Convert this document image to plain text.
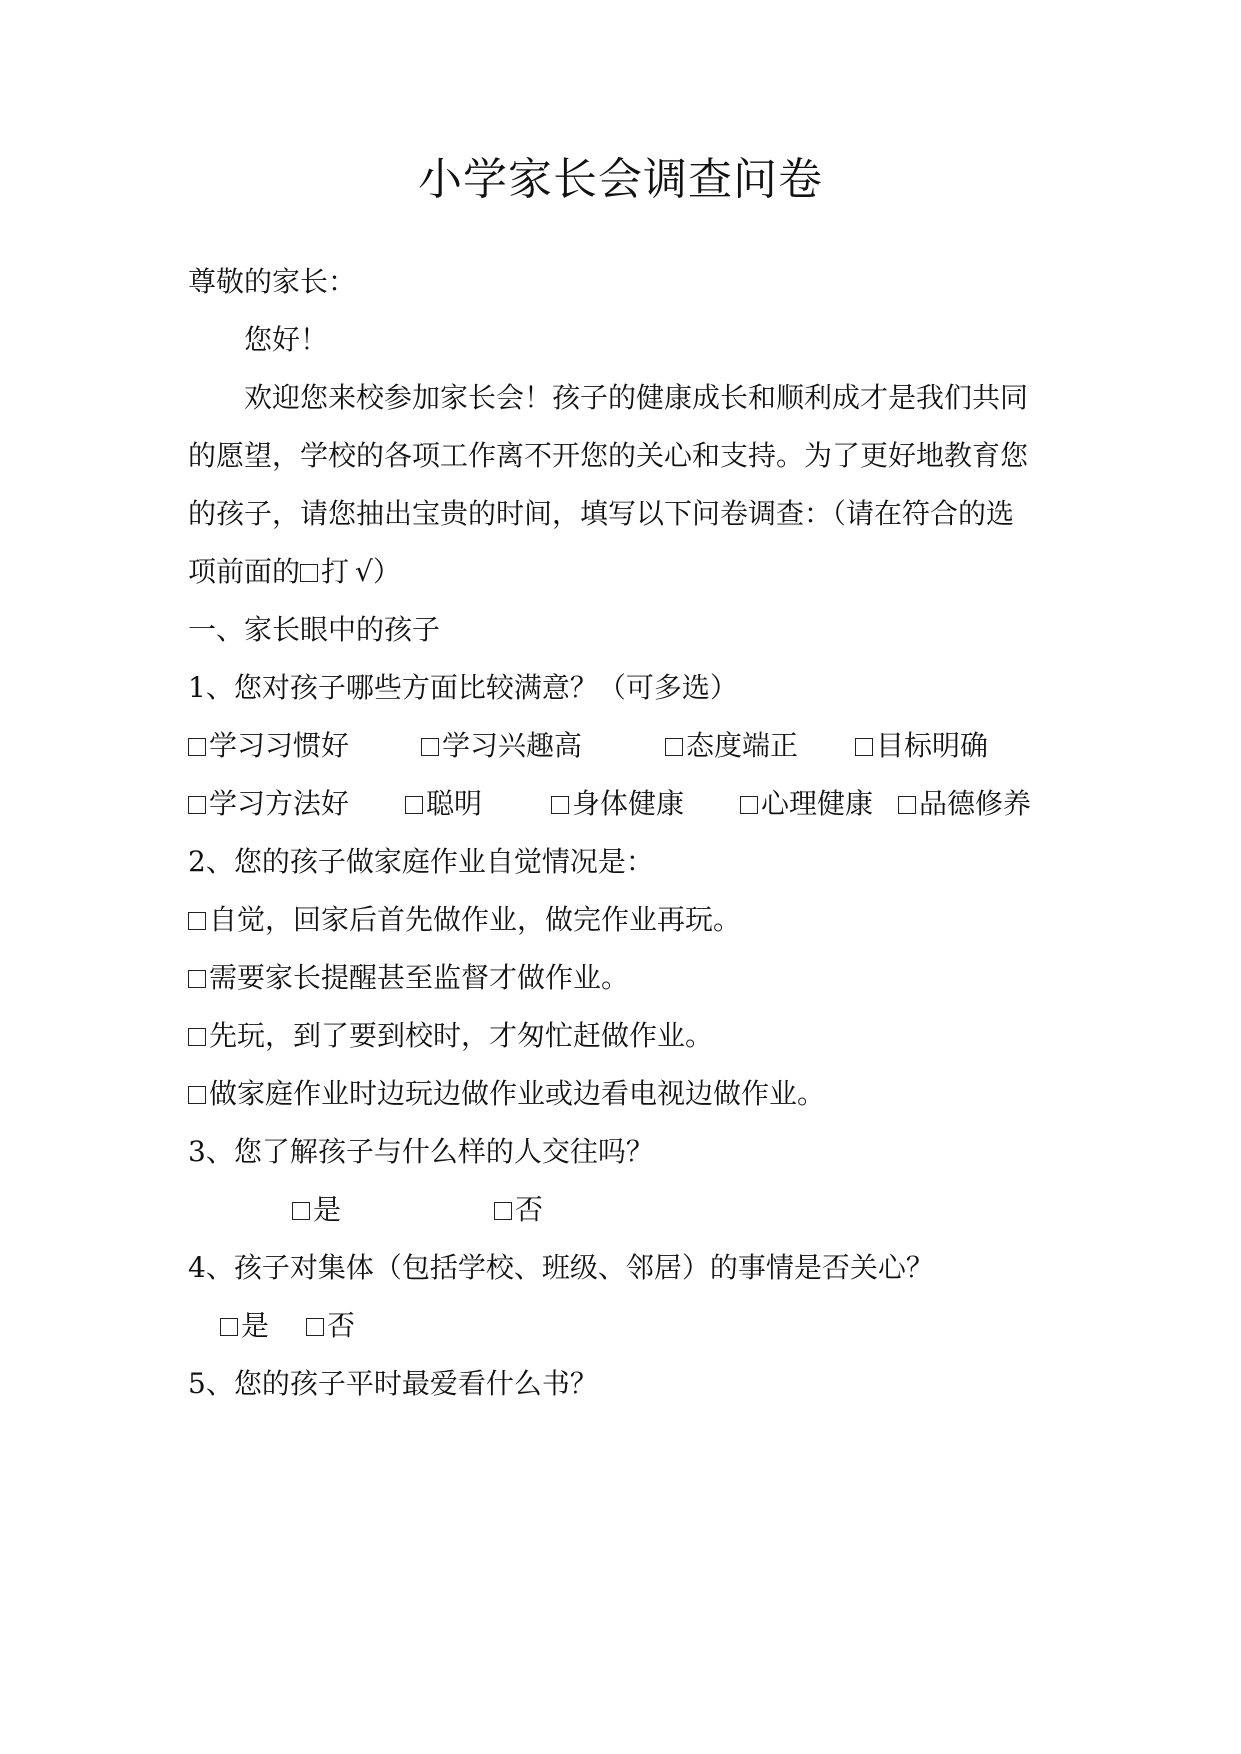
小学家长会调查问卷
尊敬的家长：
您好！
欢迎您来校参加家长会！孩子的健康成长和顺利成才是我们共同
的愿望，学校的各项工作离不开您的关心和支持。为了更好地教育您
的孩子，请您抽出宝贵的时间，填写以下问卷调查：（请在符合的选
项前面的 打 √）
一、家长眼中的孩子
1、您对孩子哪些方面比较满意？（可多选）
学习习惯好	学习兴趣高	态度端正	目标明确
学习方法好	聪明	身体健康	心理健康	品德修养
2、您的孩子做家庭作业自觉情况是：
自觉，回家后首先做作业，做完作业再玩。
需要家长提醒甚至监督才做作业。
先玩，到了要到校时，才匆忙赶做作业。
做家庭作业时边玩边做作业或边看电视边做作业。
3、您了解孩子与什么样的人交往吗？
是	否
4、孩子对集体（包括学校、班级、邻居）的事情是否关心？
是	否
5、您的孩子平时最爱看什么书？
